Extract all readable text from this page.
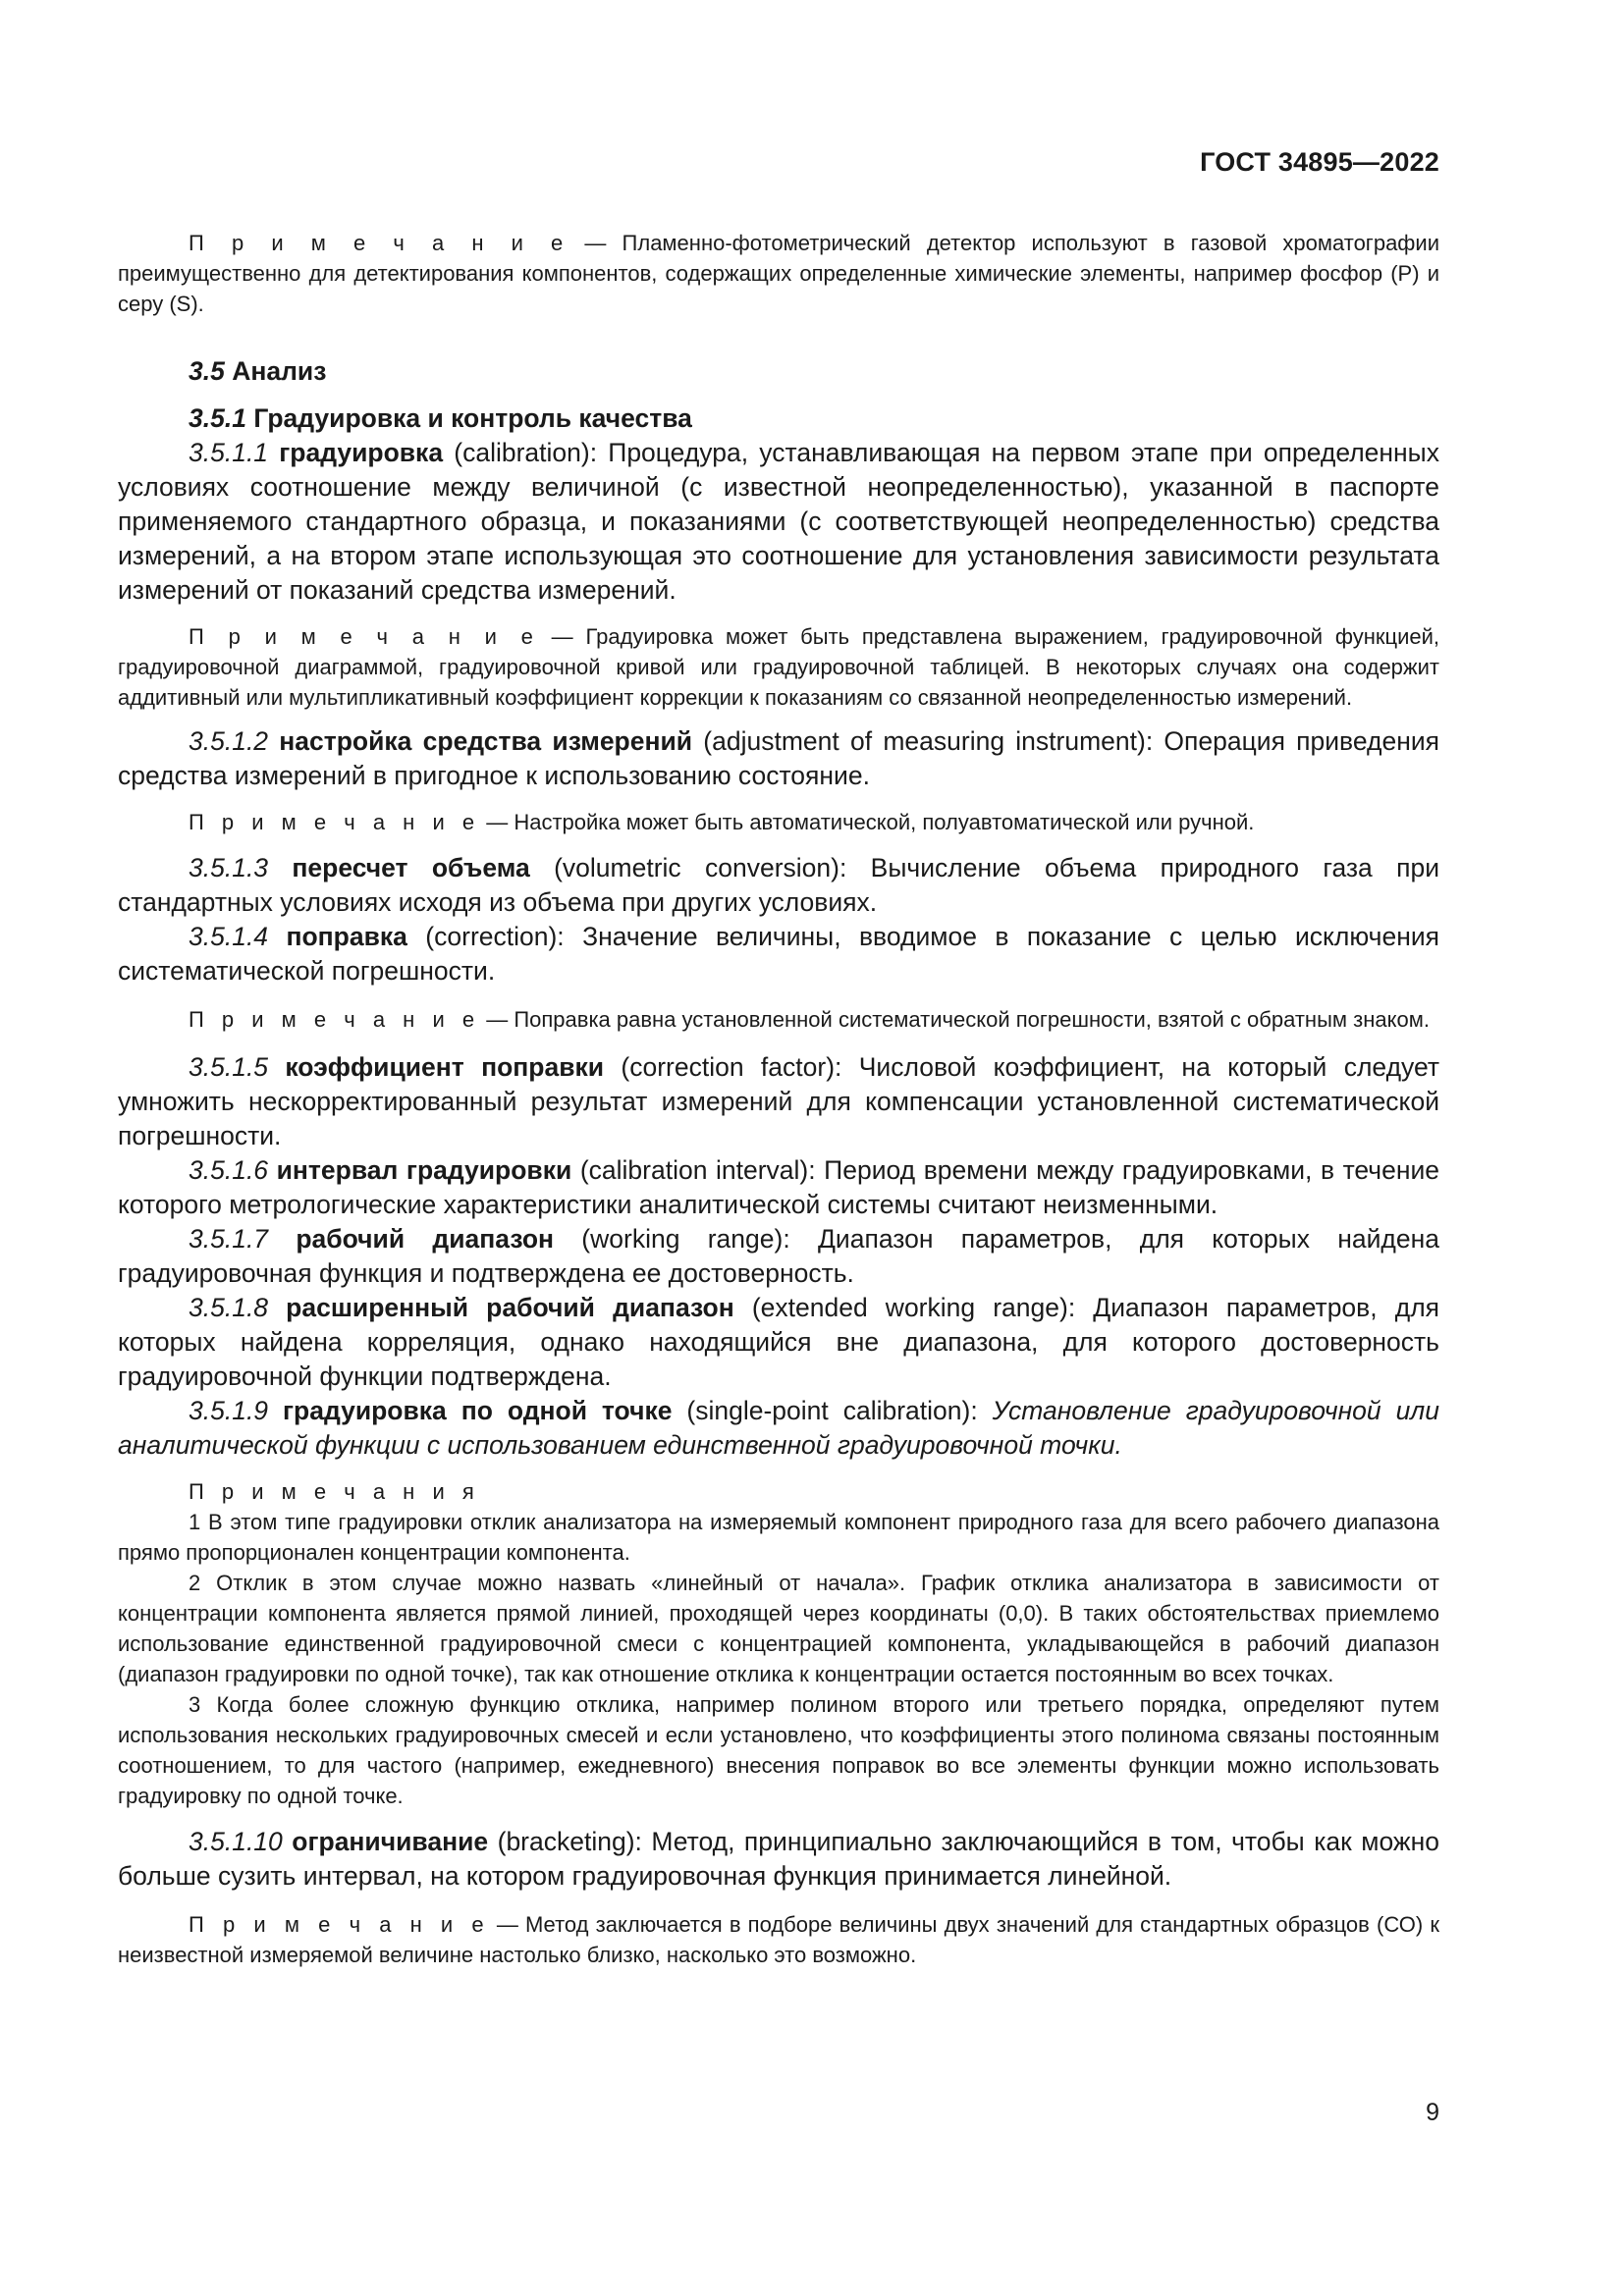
ГОСТ 34895—2022

П р и м е ч а н и е — Пламенно-фотометрический детектор используют в газовой хроматографии преимущественно для детектирования компонентов, содержащих определенные химические элементы, например фосфор (Р) и серу (S).

3.5 Анализ

3.5.1 Градуировка и контроль качества

3.5.1.1 градуировка (calibration): Процедура, устанавливающая на первом этапе при определенных условиях соотношение между величиной (с известной неопределенностью), указанной в паспорте применяемого стандартного образца, и показаниями (с соответствующей неопределенностью) средства измерений, а на втором этапе использующая это соотношение для установления зависимости результата измерений от показаний средства измерений.

П р и м е ч а н и е — Градуировка может быть представлена выражением, градуировочной функцией, градуировочной диаграммой, градуировочной кривой или градуировочной таблицей. В некоторых случаях она содержит аддитивный или мультипликативный коэффициент коррекции к показаниям со связанной неопределенностью измерений.

3.5.1.2 настройка средства измерений (adjustment of measuring instrument): Операция приведения средства измерений в пригодное к использованию состояние.

П р и м е ч а н и е — Настройка может быть автоматической, полуавтоматической или ручной.

3.5.1.3 пересчет объема (volumetric conversion): Вычисление объема природного газа при стандартных условиях исходя из объема при других условиях.

3.5.1.4 поправка (correction): Значение величины, вводимое в показание с целью исключения систематической погрешности.

П р и м е ч а н и е — Поправка равна установленной систематической погрешности, взятой с обратным знаком.

3.5.1.5 коэффициент поправки (correction factor): Числовой коэффициент, на который следует умножить нескорректированный результат измерений для компенсации установленной систематической погрешности.

3.5.1.6 интервал градуировки (calibration interval): Период времени между градуировками, в течение которого метрологические характеристики аналитической системы считают неизменными.

3.5.1.7 рабочий диапазон (working range): Диапазон параметров, для которых найдена градуировочная функция и подтверждена ее достоверность.

3.5.1.8 расширенный рабочий диапазон (extended working range): Диапазон параметров, для которых найдена корреляция, однако находящийся вне диапазона, для которого достоверность градуировочной функции подтверждена.

3.5.1.9 градуировка по одной точке (single-point calibration): Установление градуировочной или аналитической функции с использованием единственной градуировочной точки.

П р и м е ч а н и я

1 В этом типе градуировки отклик анализатора на измеряемый компонент природного газа для всего рабочего диапазона прямо пропорционален концентрации компонента.

2 Отклик в этом случае можно назвать «линейный от начала». График отклика анализатора в зависимости от концентрации компонента является прямой линией, проходящей через координаты (0,0). В таких обстоятельствах приемлемо использование единственной градуировочной смеси с концентрацией компонента, укладывающейся в рабочий диапазон (диапазон градуировки по одной точке), так как отношение отклика к концентрации остается постоянным во всех точках.

3 Когда более сложную функцию отклика, например полином второго или третьего порядка, определяют путем использования нескольких градуировочных смесей и если установлено, что коэффициенты этого полинома связаны постоянным соотношением, то для частого (например, ежедневного) внесения поправок во все элементы функции можно использовать градуировку по одной точке.

3.5.1.10 ограничивание (bracketing): Метод, принципиально заключающийся в том, чтобы как можно больше сузить интервал, на котором градуировочная функция принимается линейной.

П р и м е ч а н и е — Метод заключается в подборе величины двух значений для стандартных образцов (СО) к неизвестной измеряемой величине настолько близко, насколько это возможно.

9
